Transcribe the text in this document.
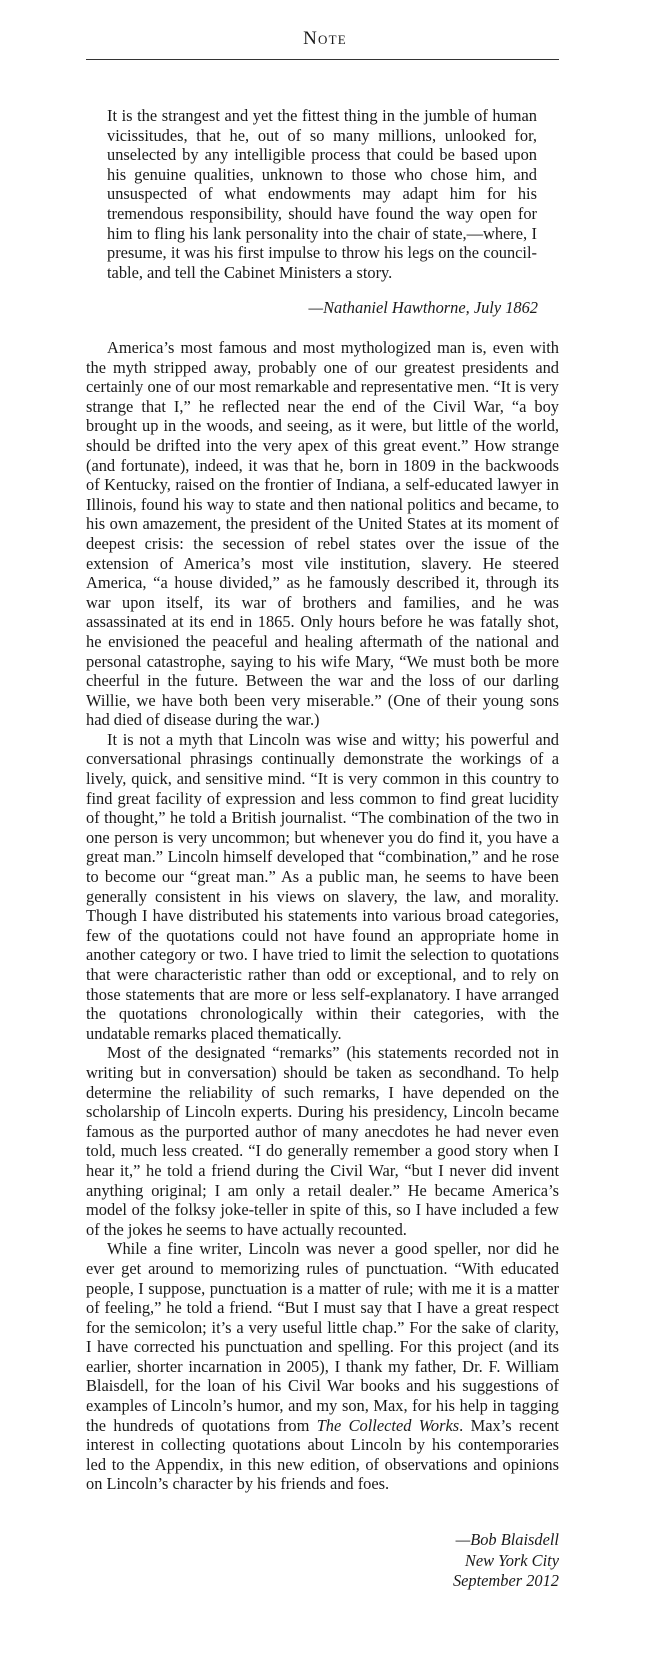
Note
It is the strangest and yet the fittest thing in the jumble of human vicissitudes, that he, out of so many millions, unlooked for, unselected by any intelligible process that could be based upon his genuine qualities, unknown to those who chose him, and unsuspected of what endowments may adapt him for his tremendous responsibility, should have found the way open for him to fling his lank personality into the chair of state,—where, I presume, it was his first impulse to throw his legs on the council-table, and tell the Cabinet Ministers a story.
—Nathaniel Hawthorne, July 1862

America’s most famous and most mythologized man is, even with the myth stripped away, probably one of our greatest presidents and certainly one of our most remarkable and representative men. “It is very strange that I,” he reflected near the end of the Civil War, “a boy brought up in the woods, and seeing, as it were, but little of the world, should be drifted into the very apex of this great event.” How strange (and fortunate), indeed, it was that he, born in 1809 in the backwoods of Kentucky, raised on the frontier of Indiana, a self-educated lawyer in Illinois, found his way to state and then national politics and became, to his own amazement, the president of the United States at its moment of deepest crisis: the secession of rebel states over the issue of the extension of America’s most vile institution, slavery. He steered America, “a house divided,” as he famously described it, through its war upon itself, its war of brothers and families, and he was assassinated at its end in 1865. Only hours before he was fatally shot, he envisioned the peaceful and healing aftermath of the national and personal catastrophe, saying to his wife Mary, “We must both be more cheerful in the future. Between the war and the loss of our darling Willie, we have both been very miserable.” (One of their young sons had died of disease during the war.)

It is not a myth that Lincoln was wise and witty; his powerful and conversational phrasings continually demonstrate the workings of a lively, quick, and sensitive mind. “It is very common in this country to find great facility of expression and less common to find great lucidity of thought,” he told a British journalist. “The combination of the two in one person is very uncommon; but whenever you do find it, you have a great man.” Lincoln himself developed that “combination,” and he rose to become our “great man.” As a public man, he seems to have been generally consistent in his views on slavery, the law, and morality. Though I have distributed his statements into various broad categories, few of the quotations could not have found an appropriate home in another category or two. I have tried to limit the selection to quotations that were characteristic rather than odd or exceptional, and to rely on those statements that are more or less self-explanatory. I have arranged the quotations chronologically within their categories, with the undatable remarks placed thematically.

Most of the designated “remarks” (his statements recorded not in writing but in conversation) should be taken as secondhand. To help determine the reliability of such remarks, I have depended on the scholarship of Lincoln experts. During his presidency, Lincoln became famous as the purported author of many anecdotes he had never even told, much less created. “I do generally remember a good story when I hear it,” he told a friend during the Civil War, “but I never did invent anything original; I am only a retail dealer.” He became America’s model of the folksy joke-teller in spite of this, so I have included a few of the jokes he seems to have actually recounted.

While a fine writer, Lincoln was never a good speller, nor did he ever get around to memorizing rules of punctuation. “With educated people, I suppose, punctuation is a matter of rule; with me it is a matter of feeling,” he told a friend. “But I must say that I have a great respect for the semicolon; it’s a very useful little chap.” For the sake of clarity, I have corrected his punctuation and spelling. For this project (and its earlier, shorter incarnation in 2005), I thank my father, Dr. F. William Blaisdell, for the loan of his Civil War books and his suggestions of examples of Lincoln’s humor, and my son, Max, for his help in tagging the hundreds of quotations from The Collected Works. Max’s recent interest in collecting quotations about Lincoln by his contemporaries led to the Appendix, in this new edition, of observations and opinions on Lincoln’s character by his friends and foes.

—Bob Blaisdell
New York City
September 2012
